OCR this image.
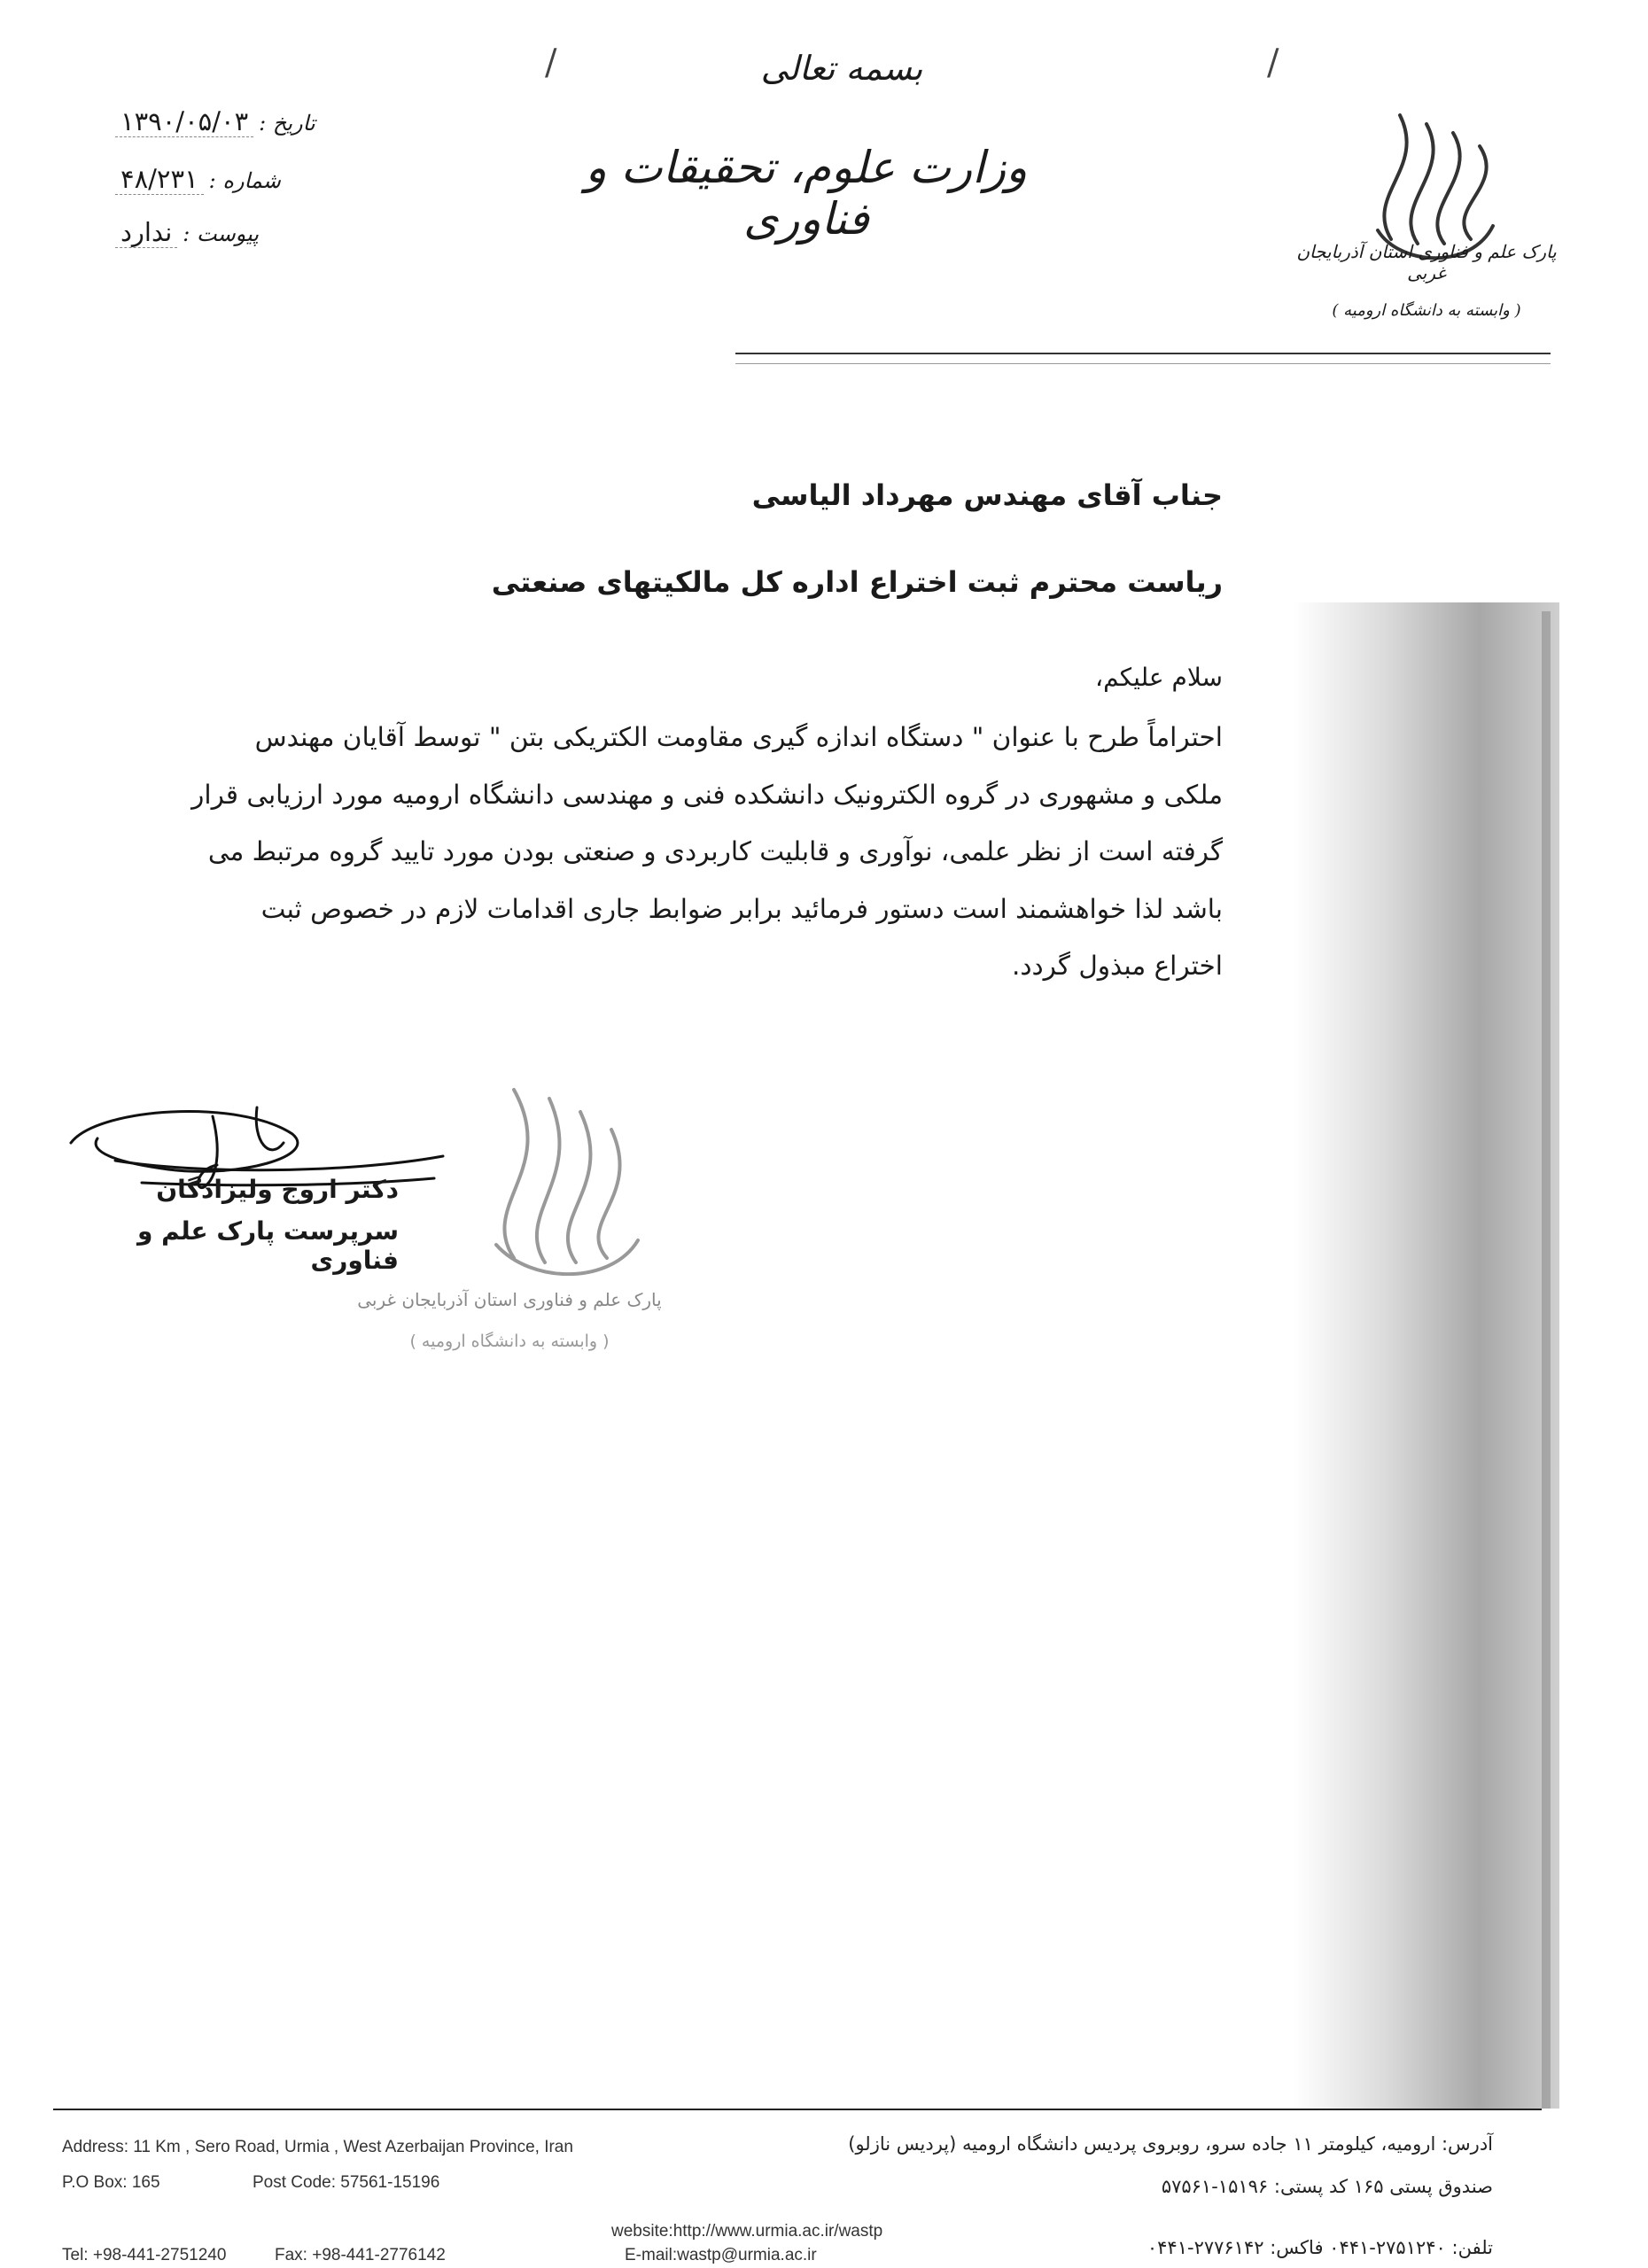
/	/
بسمه تعالی
وزارت علوم، تحقیقات و فناوری
تاریخ :
۱۳۹۰/۰۵/۰۳
شماره :
۴۸/۲۳۱
پیوست :
ندارد
پارک علم و فناوری استان آذربایجان غربی
( وابسته به دانشگاه ارومیه )
جناب آقای مهندس مهرداد الیاسی
ریاست محترم ثبت اختراع اداره کل مالکیتهای صنعتی
سلام علیکم،
احتراماً طرح با عنوان " دستگاه اندازه گیری مقاومت الکتریکی بتن " توسط آقایان مهندس
ملکی و مشهوری در گروه الکترونیک دانشکده فنی و مهندسی دانشگاه ارومیه مورد ارزیابی قرار
گرفته است از نظر علمی، نوآوری و قابلیت کاربردی و صنعتی بودن مورد تایید گروه مرتبط می
باشد لذا خواهشمند است دستور فرمائید برابر ضوابط جاری اقدامات لازم در خصوص ثبت
اختراع مبذول گردد.
دکتر اروج ولیزادگان
سرپرست پارک علم و فناوری
پارک علم و فناوری استان آذربایجان غربی
( وابسته به دانشگاه ارومیه )
Address: 11 Km , Sero Road, Urmia , West Azerbaijan Province, Iran
P.O Box: 165	Post Code: 57561-15196
Tel: +98-441-2751240	Fax: +98-441-2776142
website:http://www.urmia.ac.ir/wastp
E-mail:wastp@urmia.ac.ir
آدرس: ارومیه، کیلومتر ۱۱ جاده سرو، روبروی پردیس دانشگاه ارومیه (پردیس نازلو)
صندوق پستی ۱۶۵ کد پستی: ۱۵۱۹۶-۵۷۵۶۱
تلفن: ۲۷۵۱۲۴۰-۰۴۴۱ فاکس: ۲۷۷۶۱۴۲-۰۴۴۱
